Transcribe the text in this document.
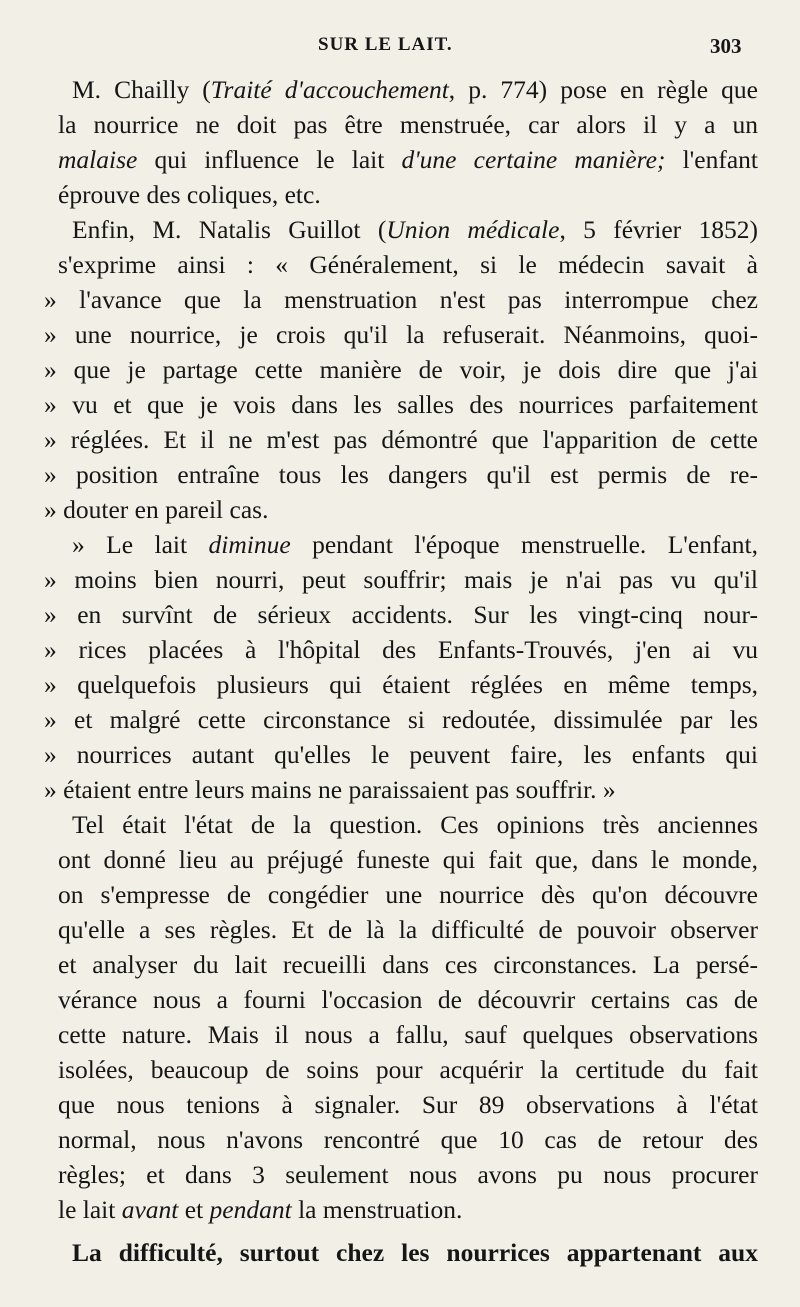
SUR LE LAIT.	303
M. Chailly (Traité d'accouchement, p. 774) pose en règle que
la nourrice ne doit pas être menstruée, car alors il y a un
malaise qui influence le lait d'une certaine manière; l'enfant
éprouve des coliques, etc.
Enfin, M. Natalis Guillot (Union médicale, 5 février 1852)
s'exprime ainsi : « Généralement, si le médecin savait à
» l'avance que la menstruation n'est pas interrompue chez
» une nourrice, je crois qu'il la refuserait. Néanmoins, quoi-
» que je partage cette manière de voir, je dois dire que j'ai
» vu et que je vois dans les salles des nourrices parfaitement
» réglées. Et il ne m'est pas démontré que l'apparition de cette
» position entraîne tous les dangers qu'il est permis de re-
» douter en pareil cas.
» Le lait diminue pendant l'époque menstruelle. L'enfant,
» moins bien nourri, peut souffrir; mais je n'ai pas vu qu'il
» en survînt de sérieux accidents. Sur les vingt-cinq nour-
» rices placées à l'hôpital des Enfants-Trouvés, j'en ai vu
» quelquefois plusieurs qui étaient réglées en même temps,
» et malgré cette circonstance si redoutée, dissimulée par les
» nourrices autant qu'elles le peuvent faire, les enfants qui
» étaient entre leurs mains ne paraissaient pas souffrir. »
Tel était l'état de la question. Ces opinions très anciennes
ont donné lieu au préjugé funeste qui fait que, dans le monde,
on s'empresse de congédier une nourrice dès qu'on découvre
qu'elle a ses règles. Et de là la difficulté de pouvoir observer
et analyser du lait recueilli dans ces circonstances. La persé-
vérance nous a fourni l'occasion de découvrir certains cas de
cette nature. Mais il nous a fallu, sauf quelques observations
isolées, beaucoup de soins pour acquérir la certitude du fait
que nous tenions à signaler. Sur 89 observations à l'état
normal, nous n'avons rencontré que 10 cas de retour des
règles; et dans 3 seulement nous avons pu nous procurer
le lait avant et pendant la menstruation.
La difficulté, surtout chez les nourrices appartenant aux
